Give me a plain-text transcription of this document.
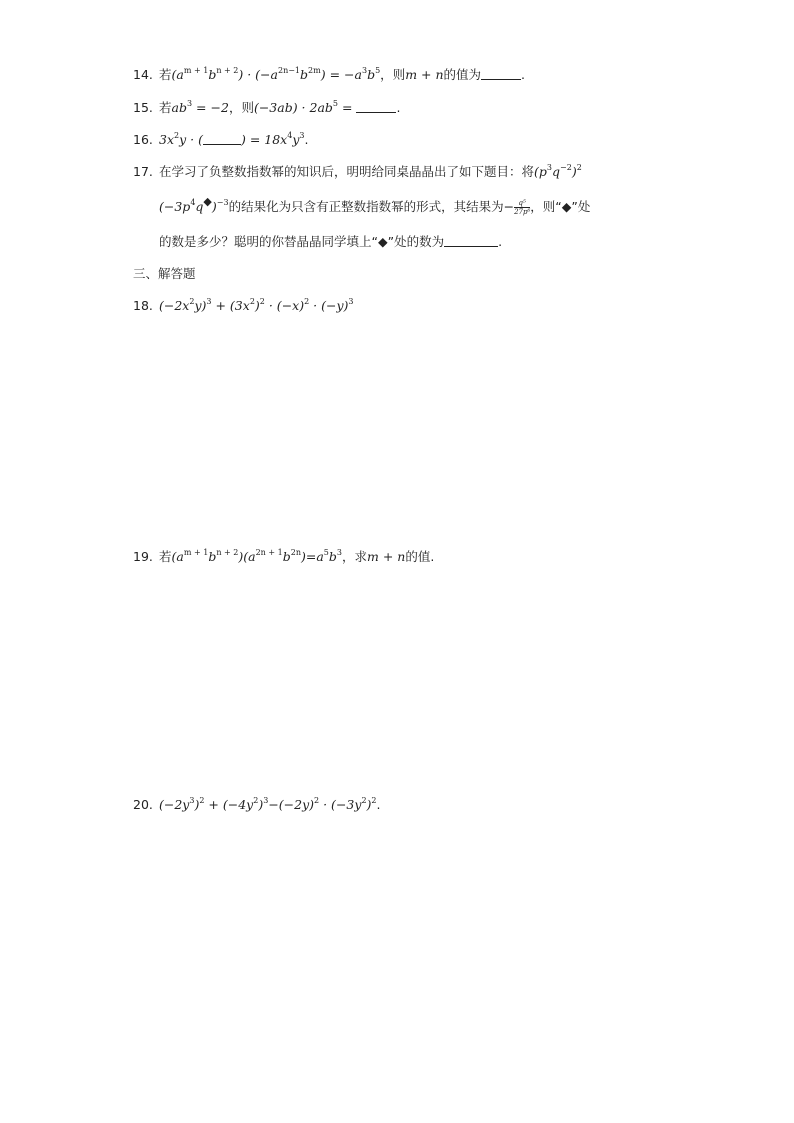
14. 若$(a^{m + 1}b^{n + 2}) \cdot (-a^{2n-1}b^{2m}) = -a^3b^5$，则m + n的值为	.
15. 若$ab^3 = -2$，则$(-3ab) \cdot 2ab^5$ =	.
16. $3x^2y$ · (	) = $18x^4y^3$.
17. 在学习了负整数指数幂的知识后，明明给同桌晶晶出了如下题目：将$(p^3q^{-2})^2$
$(-3p^4q^◆)^{-3}$的结果化为只含有正整数指数幂的形式，其结果为− $\frac{\text{q⁵}}{\text{27p⁶}}$ ，则“◆”处
的数是多少？聪明的你替晶晶同学填上“◆”处的数为	.
三、解答题
18. $(-2x^2y)^3 + (3x^2)^2 \cdot (-x)^2 \cdot (-y)^3$
19. 若$(a^{m + 1}b^{n + 2})(a^{2n + 1}b^{2n})=a^5b^3$，求m + n的值.
20. $(-2y^3)^2 + (-4y^2)^3-(-2y)^2 \cdot (-3y^2)^2$.
